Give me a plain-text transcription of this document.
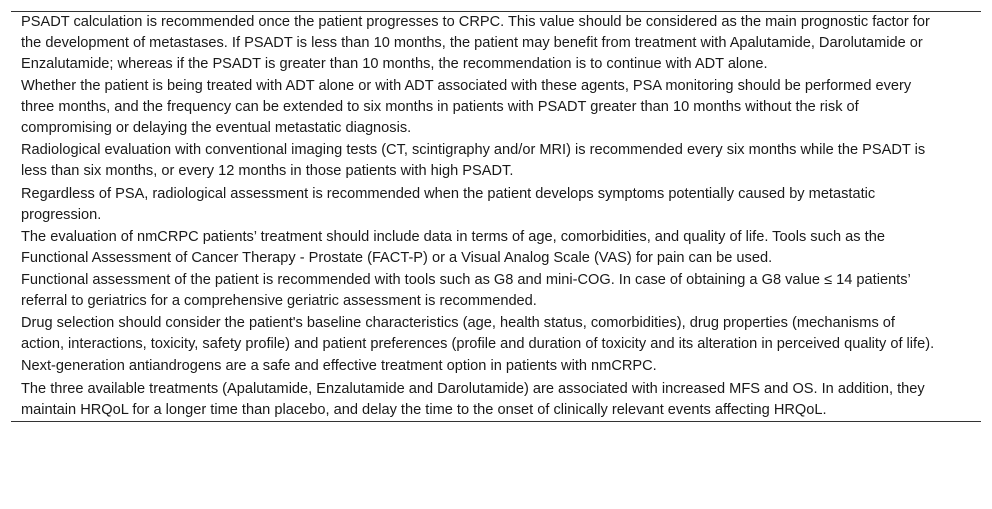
PSADT calculation is recommended once the patient progresses to CRPC. This value should be considered as the main prognostic factor for the development of metastases. If PSADT is less than 10 months, the patient may benefit from treatment with Apalutamide, Darolutamide or Enzalutamide; whereas if the PSADT is greater than 10 months, the recommendation is to continue with ADT alone.
Whether the patient is being treated with ADT alone or with ADT associated with these agents, PSA monitoring should be performed every three months, and the frequency can be extended to six months in patients with PSADT greater than 10 months without the risk of compromising or delaying the eventual metastatic diagnosis.
Radiological evaluation with conventional imaging tests (CT, scintigraphy and/or MRI) is recommended every six months while the PSADT is less than six months, or every 12 months in those patients with high PSADT.
Regardless of PSA, radiological assessment is recommended when the patient develops symptoms potentially caused by metastatic progression.
The evaluation of nmCRPC patients’ treatment should include data in terms of age, comorbidities, and quality of life. Tools such as the Functional Assessment of Cancer Therapy - Prostate (FACT-P) or a Visual Analog Scale (VAS) for pain can be used.
Functional assessment of the patient is recommended with tools such as G8 and mini-COG. In case of obtaining a G8 value ≤ 14 patients’ referral to geriatrics for a comprehensive geriatric assessment is recommended.
Drug selection should consider the patient's baseline characteristics (age, health status, comorbidities), drug properties (mechanisms of action, interactions, toxicity, safety profile) and patient preferences (profile and duration of toxicity and its alteration in perceived quality of life).
Next-generation antiandrogens are a safe and effective treatment option in patients with nmCRPC.
The three available treatments (Apalutamide, Enzalutamide and Darolutamide) are associated with increased MFS and OS. In addition, they maintain HRQoL for a longer time than placebo, and delay the time to the onset of clinically relevant events affecting HRQoL.
